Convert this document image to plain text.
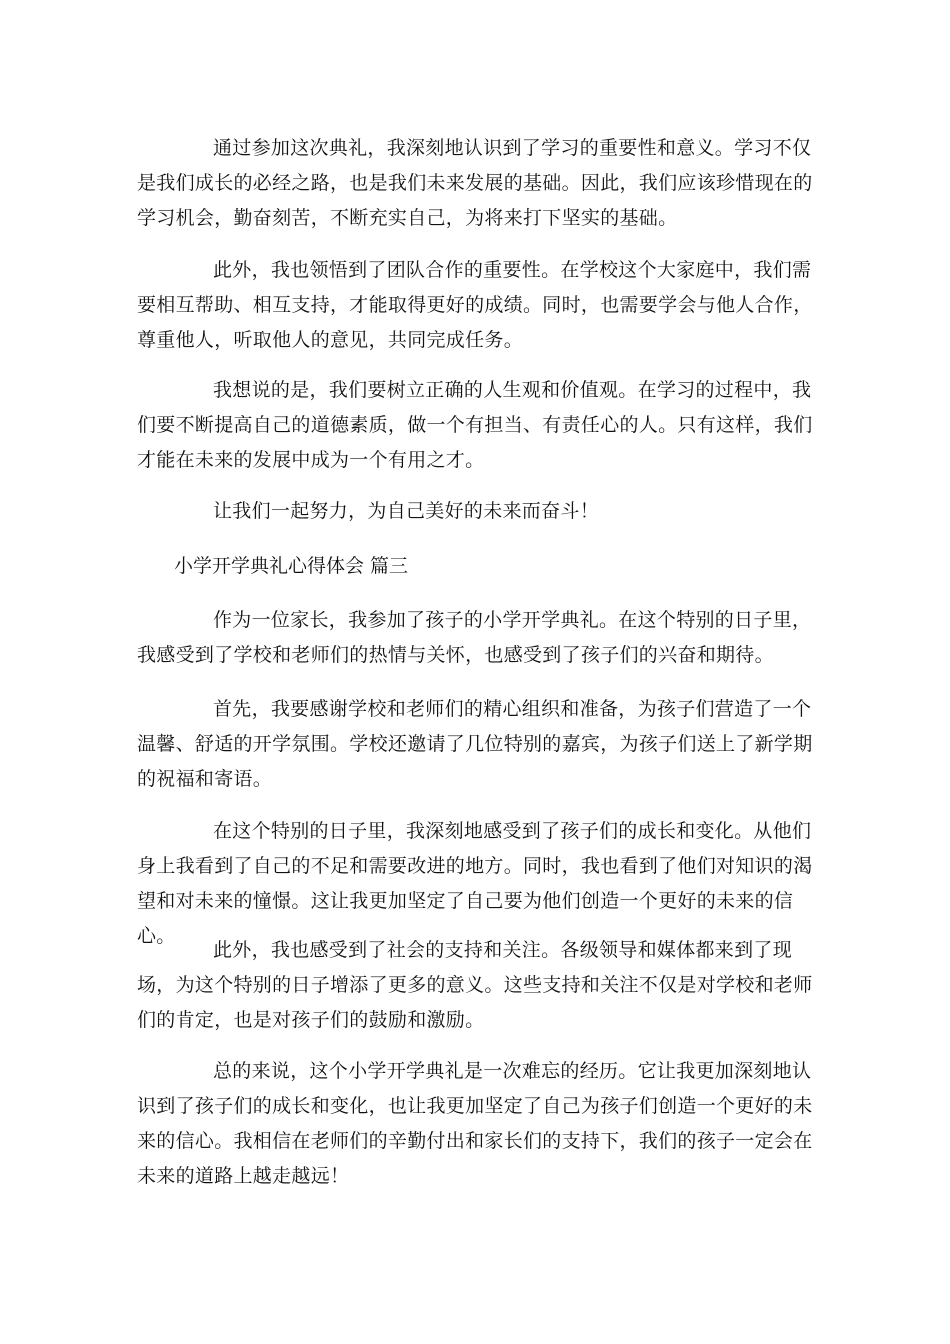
通过参加这次典礼，我深刻地认识到了学习的重要性和意义。学习不仅是我们成长的必经之路，也是我们未来发展的基础。因此，我们应该珍惜现在的学习机会，勤奋刻苦，不断充实自己，为将来打下坚实的基础。

此外，我也领悟到了团队合作的重要性。在学校这个大家庭中，我们需要相互帮助、相互支持，才能取得更好的成绩。同时，也需要学会与他人合作，尊重他人，听取他人的意见，共同完成任务。

我想说的是，我们要树立正确的人生观和价值观。在学习的过程中，我们要不断提高自己的道德素质，做一个有担当、有责任心的人。只有这样，我们才能在未来的发展中成为一个有用之才。

让我们一起努力，为自己美好的未来而奋斗！

小学开学典礼心得体会 篇三

作为一位家长，我参加了孩子的小学开学典礼。在这个特别的日子里，我感受到了学校和老师们的热情与关怀，也感受到了孩子们的兴奋和期待。

首先，我要感谢学校和老师们的精心组织和准备，为孩子们营造了一个温馨、舒适的开学氛围。学校还邀请了几位特别的嘉宾，为孩子们送上了新学期的祝福和寄语。

在这个特别的日子里，我深刻地感受到了孩子们的成长和变化。从他们身上我看到了自己的不足和需要改进的地方。同时，我也看到了他们对知识的渴望和对未来的憧憬。这让我更加坚定了自己要为他们创造一个更好的未来的信心。

此外，我也感受到了社会的支持和关注。各级领导和媒体都来到了现场，为这个特别的日子增添了更多的意义。这些支持和关注不仅是对学校和老师们的肯定，也是对孩子们的鼓励和激励。

总的来说，这个小学开学典礼是一次难忘的经历。它让我更加深刻地认识到了孩子们的成长和变化，也让我更加坚定了自己为孩子们创造一个更好的未来的信心。我相信在老师们的辛勤付出和家长们的支持下，我们的孩子一定会在未来的道路上越走越远！
